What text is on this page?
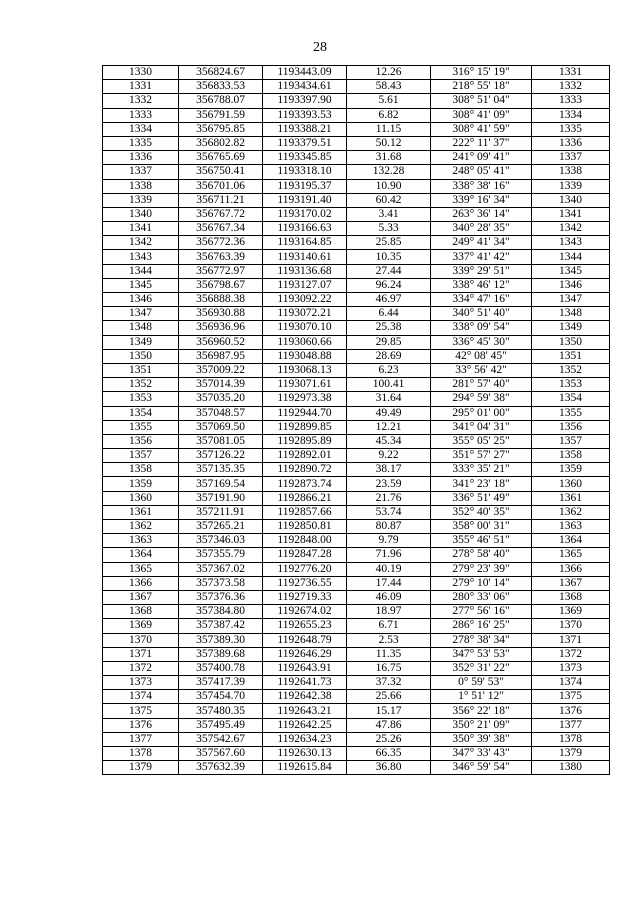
28
1330	356824.67	1193443.09	12.26	316° 15' 19"	1331
1331	356833.53	1193434.61	58.43	218° 55' 18"	1332
1332	356788.07	1193397.90	5.61	308° 51' 04"	1333
1333	356791.59	1193393.53	6.82	308° 41' 09"	1334
1334	356795.85	1193388.21	11.15	308° 41' 59"	1335
1335	356802.82	1193379.51	50.12	222° 11' 37"	1336
1336	356765.69	1193345.85	31.68	241° 09' 41"	1337
1337	356750.41	1193318.10	132.28	248° 05' 41"	1338
1338	356701.06	1193195.37	10.90	338° 38' 16"	1339
1339	356711.21	1193191.40	60.42	339° 16' 34"	1340
1340	356767.72	1193170.02	3.41	263° 36' 14"	1341
1341	356767.34	1193166.63	5.33	340° 28' 35"	1342
1342	356772.36	1193164.85	25.85	249° 41' 34"	1343
1343	356763.39	1193140.61	10.35	337° 41' 42"	1344
1344	356772.97	1193136.68	27.44	339° 29' 51"	1345
1345	356798.67	1193127.07	96.24	338° 46' 12"	1346
1346	356888.38	1193092.22	46.97	334° 47' 16"	1347
1347	356930.88	1193072.21	6.44	340° 51' 40"	1348
1348	356936.96	1193070.10	25.38	338° 09' 54"	1349
1349	356960.52	1193060.66	29.85	336° 45' 30"	1350
1350	356987.95	1193048.88	28.69	42° 08' 45"	1351
1351	357009.22	1193068.13	6.23	33° 56' 42"	1352
1352	357014.39	1193071.61	100.41	281° 57' 40"	1353
1353	357035.20	1192973.38	31.64	294° 59' 38"	1354
1354	357048.57	1192944.70	49.49	295° 01' 00"	1355
1355	357069.50	1192899.85	12.21	341° 04' 31"	1356
1356	357081.05	1192895.89	45.34	355° 05' 25"	1357
1357	357126.22	1192892.01	9.22	351° 57' 27"	1358
1358	357135.35	1192890.72	38.17	333° 35' 21"	1359
1359	357169.54	1192873.74	23.59	341° 23' 18"	1360
1360	357191.90	1192866.21	21.76	336° 51' 49"	1361
1361	357211.91	1192857.66	53.74	352° 40' 35"	1362
1362	357265.21	1192850.81	80.87	358° 00' 31"	1363
1363	357346.03	1192848.00	9.79	355° 46' 51"	1364
1364	357355.79	1192847.28	71.96	278° 58' 40"	1365
1365	357367.02	1192776.20	40.19	279° 23' 39"	1366
1366	357373.58	1192736.55	17.44	279° 10' 14"	1367
1367	357376.36	1192719.33	46.09	280° 33' 06"	1368
1368	357384.80	1192674.02	18.97	277° 56' 16"	1369
1369	357387.42	1192655.23	6.71	286° 16' 25"	1370
1370	357389.30	1192648.79	2.53	278° 38' 34"	1371
1371	357389.68	1192646.29	11.35	347° 53' 53"	1372
1372	357400.78	1192643.91	16.75	352° 31' 22"	1373
1373	357417.39	1192641.73	37.32	0° 59' 53"	1374
1374	357454.70	1192642.38	25.66	1° 51' 12"	1375
1375	357480.35	1192643.21	15.17	356° 22' 18"	1376
1376	357495.49	1192642.25	47.86	350° 21' 09"	1377
1377	357542.67	1192634.23	25.26	350° 39' 38"	1378
1378	357567.60	1192630.13	66.35	347° 33' 43"	1379
1379	357632.39	1192615.84	36.80	346° 59' 54"	1380
